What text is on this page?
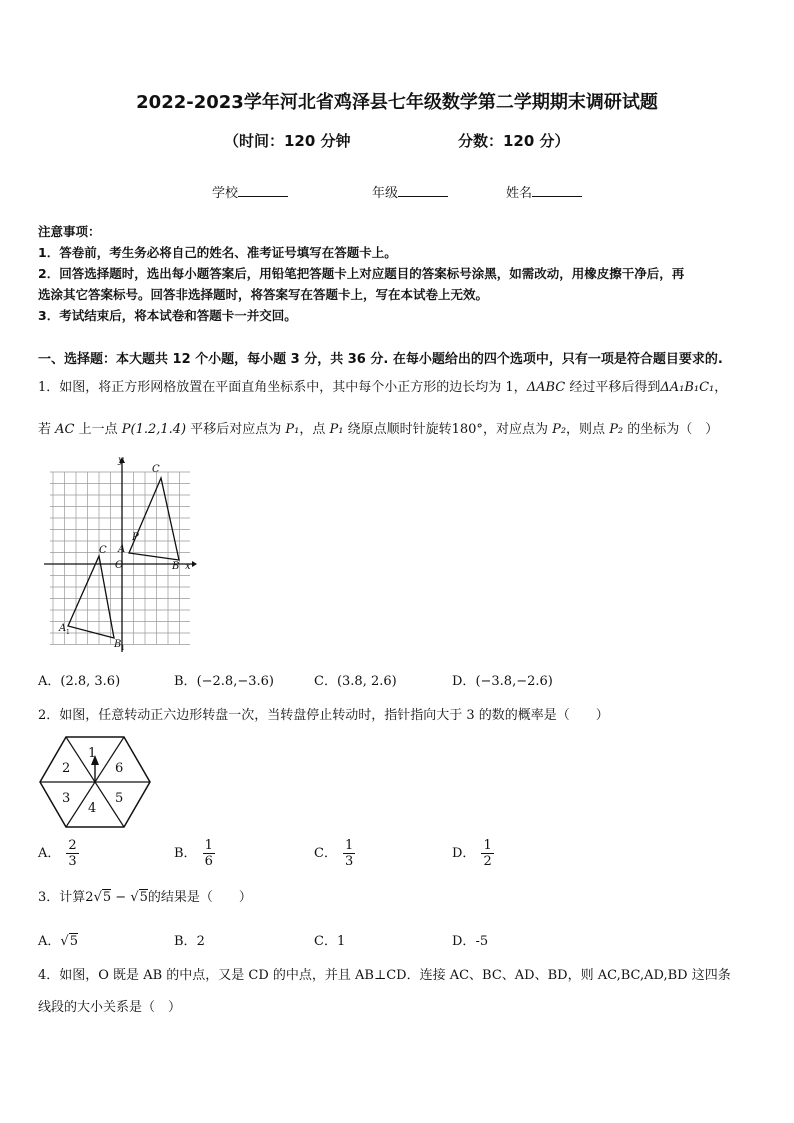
2022-2023学年河北省鸡泽县七年级数学第二学期期末调研试题
（时间：120 分钟	分数：120 分）
学校	年级	姓名
注意事项：
1．答卷前，考生务必将自己的姓名、准考证号填写在答题卡上。
2．回答选择题时，选出每小题答案后，用铅笔把答题卡上对应题目的答案标号涂黑，如需改动，用橡皮擦干净后，再
选涂其它答案标号。回答非选择题时，将答案写在答题卡上，写在本试卷上无效。
3．考试结束后，将本试卷和答题卡一并交回。
一、选择题：本大题共 12 个小题，每小题 3 分，共 36 分. 在每小题给出的四个选项中，只有一项是符合题目要求的.
1．如图，将正方形网格放置在平面直角坐标系中，其中每个小正方形的边长均为 1，ΔABC 经过平移后得到ΔA₁B₁C₁，
若 AC 上一点 P(1.2,1.4) 平移后对应点为 P₁，点 P₁ 绕原点顺时针旋转180°，对应点为 P₂，则点 P₂ 的坐标为（　）
y
x
C
C A
P
O	B
A 1
B 1
A．(2.8, 3.6)	B．(−2.8,−3.6)	C．(3.8, 2.6)	D．(−3.8,−2.6)
2．如图，任意转动正六边形转盘一次，当转盘停止转动时，指针指向大于 3 的数的概率是（　　）
1
2
3
4
5
6
A． $\frac{2}{3}$	B． $\frac{1}{6}$	C． $\frac{1}{3}$	D． $\frac{1}{2}$
3．计算2√5 − √5的结果是（　　）
A．√5	B．2	C．1	D．-5
4．如图，O 既是 AB 的中点，又是 CD 的中点，并且 AB⊥CD．连接 AC、BC、AD、BD，则 AC,BC,AD,BD 这四条
线段的大小关系是（　）
